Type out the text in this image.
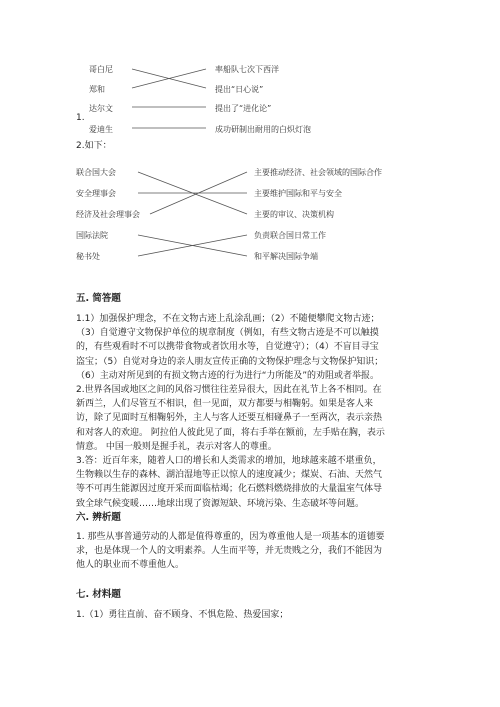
哥白尼
郑和
达尔文
爱迪生
1.
率船队七次下西洋
提出“日心说”
提出了“进化论”
成功研制出耐用的白炽灯泡
2.如下：
联合国大会
安全理事会
经济及社会理事会
国际法院
秘书处
主要推动经济、社会领域的国际合作
主要维护国际和平与安全
主要的审议、决策机构
负责联合国日常工作
和平解决国际争端
五. 简答题
1.1）加强保护理念，不在文物古迹上乱涂乱画；（2）不随便攀爬文物古迹；
（3）自觉遵守文物保护单位的规章制度（例如，有些文物古迹是不可以触摸
的，有些观看时不可以携带食物或者饮用水等，自觉遵守）；（4）不盲目寻宝
盗宝；（5）自觉对身边的亲人朋友宣传正确的文物保护理念与文物保护知识；
（6）主动对所见到的有损文物古迹的行为进行“力所能及”的劝阻或者举报。
2.世界各国或地区之间的风俗习惯往往差异很大，因此在礼节上各不相同。在
新西兰，人们尽管互不相识，但一见面，双方都要与相鞠躬。如果是客人来
访，除了见面时互相鞠躬外，主人与客人还要互相碰鼻子一至两次，表示亲热
和对客人的欢迎。 阿拉伯人彼此见了面，将右手举在额前，左手贴在胸，表示
情意。 中国一般则是握手礼，表示对客人的尊重。
3.答：近百年来，随着人口的增长和人类需求的增加，地球越来越不堪重负，
生物赖以生存的森林、湖泊湿地等正以惊人的速度减少；煤炭、石油、天然气
等不可再生能源因过度开采而面临枯竭；化石燃料燃烧排放的大量温室气体导
致全球气候变暖……地球出现了资源短缺、环境污染、生态破坏等问题。
六. 辨析题
1. 那些从事普通劳动的人都是值得尊重的，因为尊重他人是一项基本的道德要
求，也是体现一个人的文明素养。人生而平等，并无贵贱之分，我们不能因为
他人的职业而不尊重他人。
七. 材料题
1.（1）勇往直前、奋不顾身、不惧危险、热爱国家；
